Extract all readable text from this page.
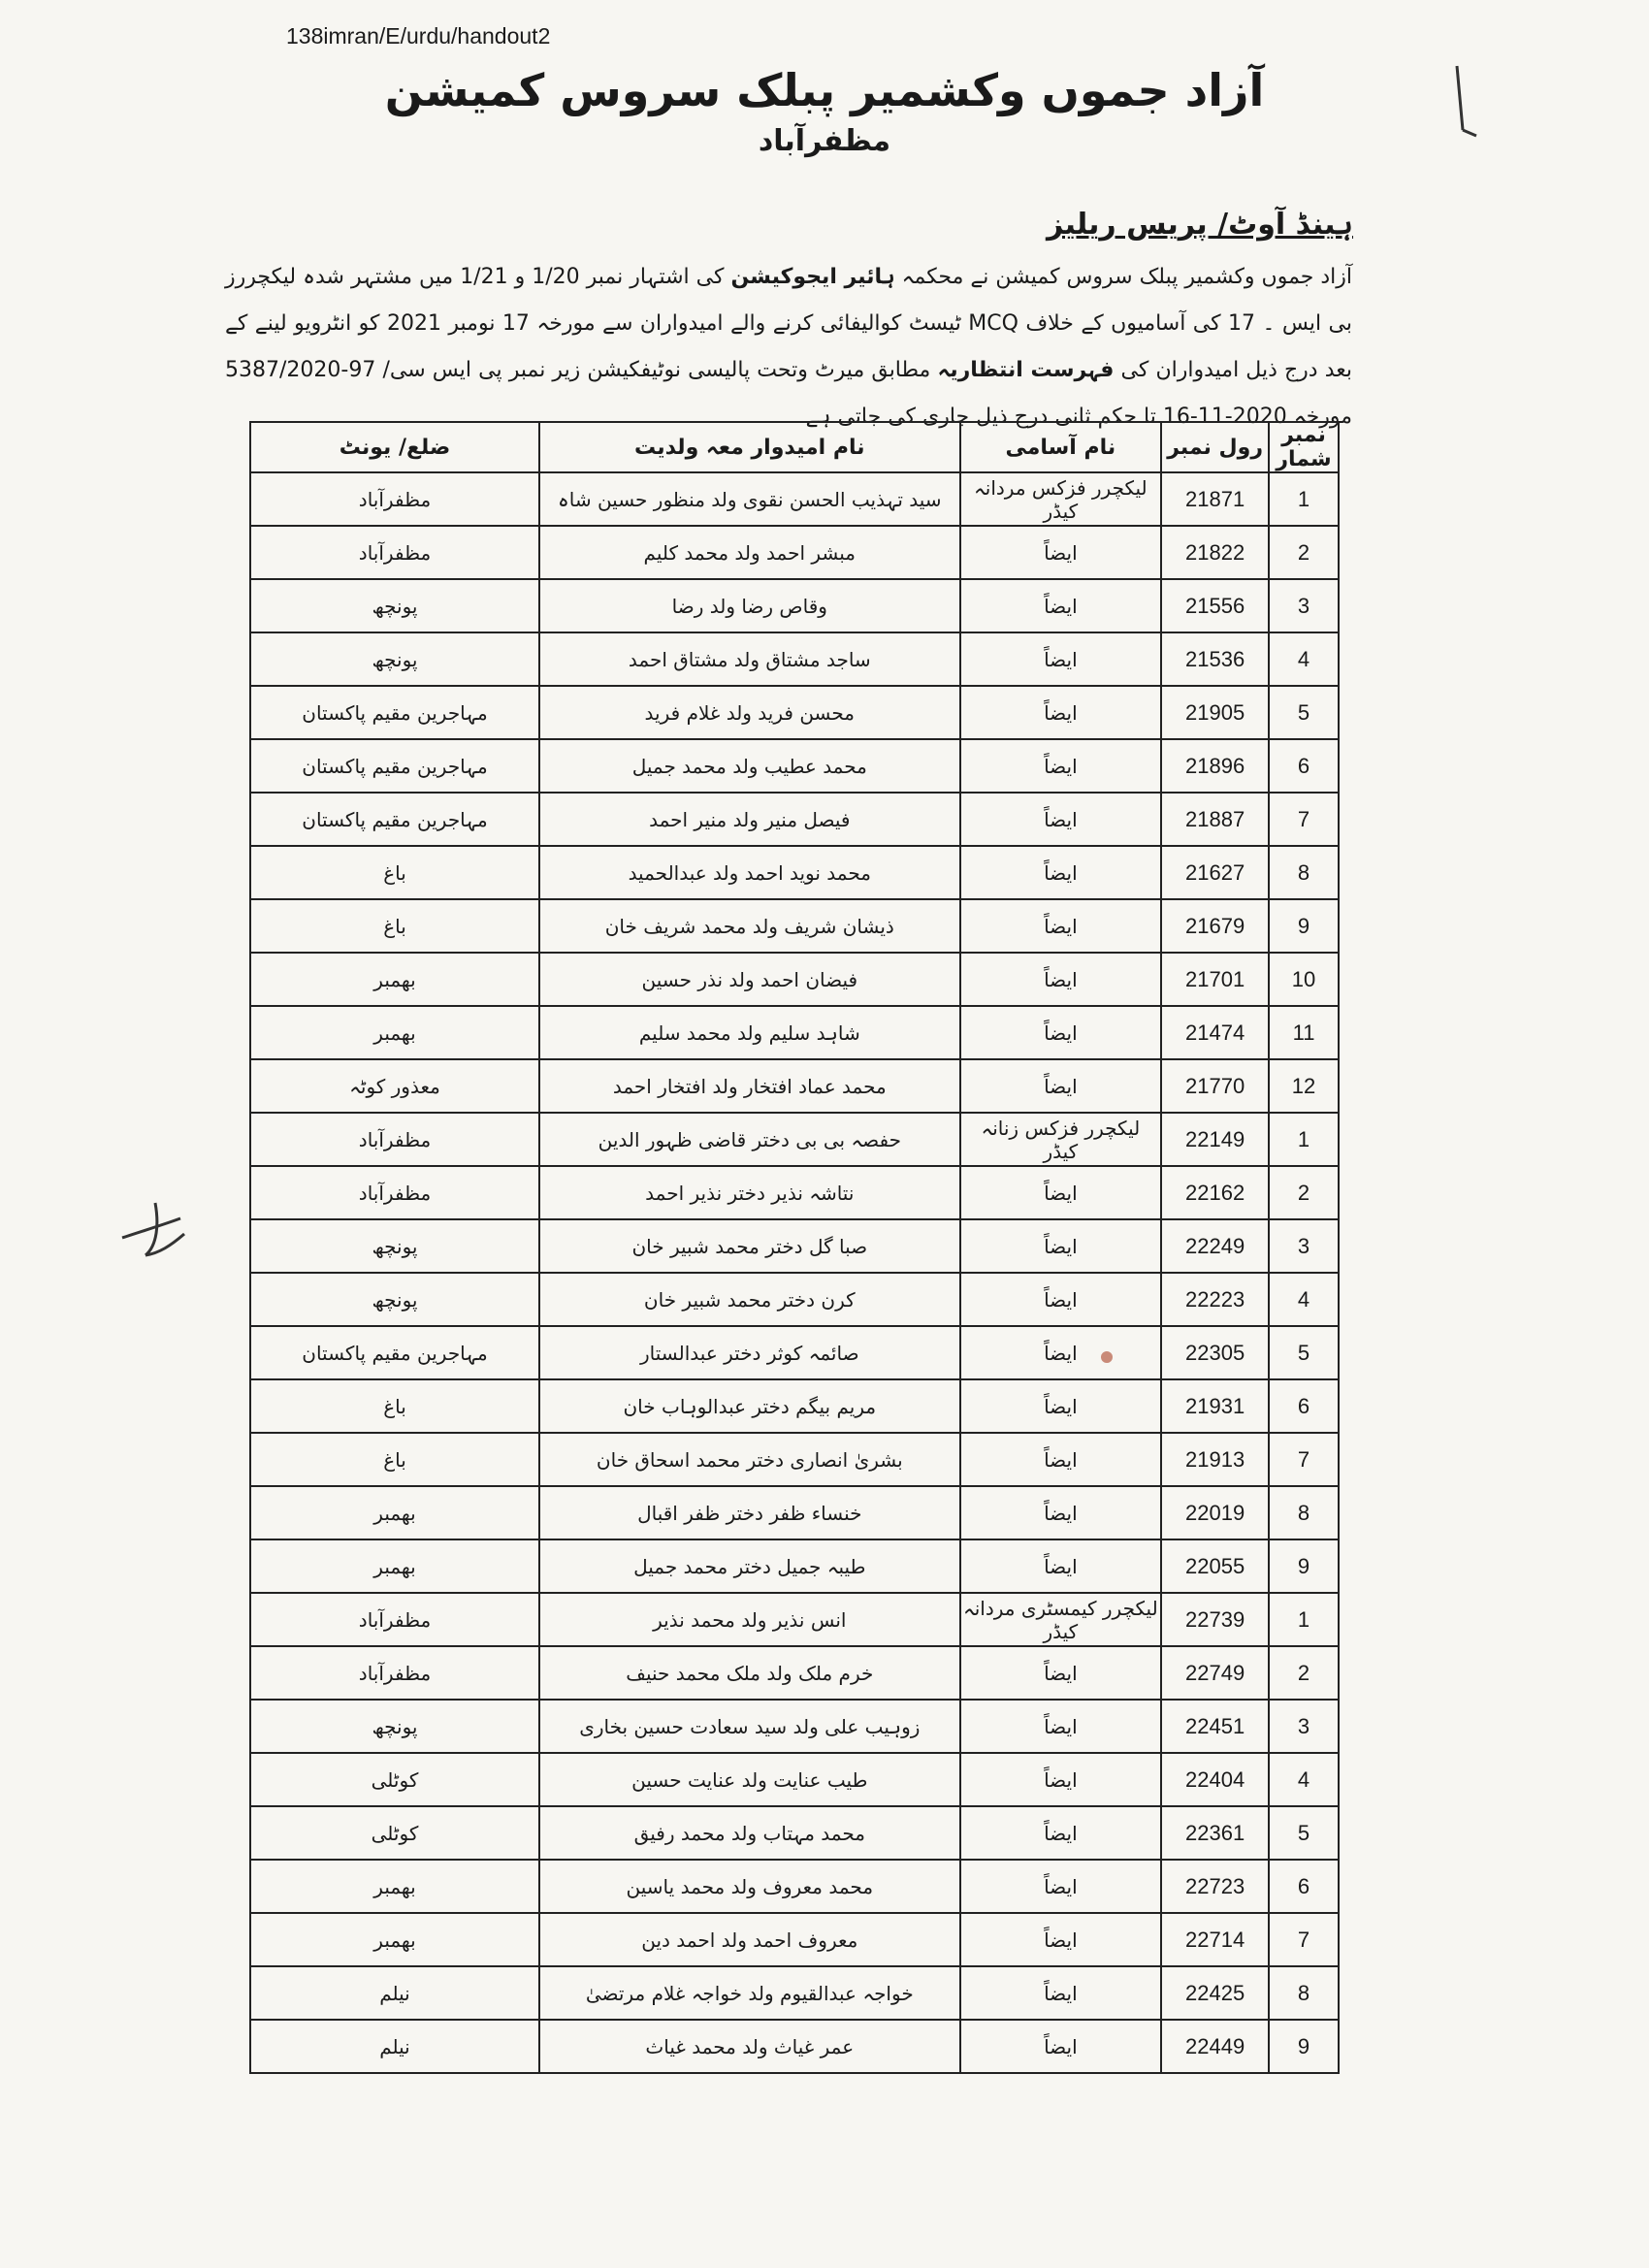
138imran/E/urdu/handout2
آزاد جموں وکشمیر پبلک سروس کمیشن
مظفرآباد
ہینڈ آوٹ/ پریس ریلیز
آزاد جموں وکشمیر پبلک سروس کمیشن نے محکمہ ہائیر ایجوکیشن کی اشتہار نمبر 1/20 و 1/21 میں مشتہر شدہ لیکچررز بی ایس ۔ 17 کی آسامیوں کے خلاف MCQ ٹیسٹ کوالیفائی کرنے والے امیدواران سے مورخہ 17 نومبر 2021 کو انٹرویو لینے کے بعد درج ذیل امیدواران کی فہرست انتظاریہ مطابق میرٹ وتحت پالیسی نوٹیفکیشن زیر نمبر پی ایس سی/ 97-5387/2020 مورخہ 2020-11-16 تا حکم ثانی درج ذیل جاری کی جاتی ہے۔
نمبر شمار	رول نمبر	نام آسامی	نام امیدوار معہ ولدیت	ضلع/ یونٹ
1	21871	لیکچرر فزکس مردانہ کیڈر	سید تہذیب الحسن نقوی ولد منظور حسین شاہ	مظفرآباد
2	21822	ایضاً	مبشر احمد ولد محمد کلیم	مظفرآباد
3	21556	ایضاً	وقاص رضا ولد رضا	پونچھ
4	21536	ایضاً	ساجد مشتاق ولد مشتاق احمد	پونچھ
5	21905	ایضاً	محسن فرید ولد غلام فرید	مہاجرین مقیم پاکستان
6	21896	ایضاً	محمد عطیب ولد محمد جمیل	مہاجرین مقیم پاکستان
7	21887	ایضاً	فیصل منیر ولد منیر احمد	مہاجرین مقیم پاکستان
8	21627	ایضاً	محمد نوید احمد ولد عبدالحمید	باغ
9	21679	ایضاً	ذیشان شریف ولد محمد شریف خان	باغ
10	21701	ایضاً	فیضان احمد ولد نذر حسین	بھمبر
11	21474	ایضاً	شاہد سلیم ولد محمد سلیم	بھمبر
12	21770	ایضاً	محمد عماد افتخار ولد افتخار احمد	معذور کوٹہ
1	22149	لیکچرر فزکس زنانہ کیڈر	حفصہ بی بی دختر قاضی ظہور الدین	مظفرآباد
2	22162	ایضاً	نتاشہ نذیر دختر نذیر احمد	مظفرآباد
3	22249	ایضاً	صبا گل دختر محمد شبیر خان	پونچھ
4	22223	ایضاً	کرن دختر محمد شبیر خان	پونچھ
5	22305	ایضاً	صائمہ کوثر دختر عبدالستار	مہاجرین مقیم پاکستان
6	21931	ایضاً	مریم بیگم دختر عبدالوہاب خان	باغ
7	21913	ایضاً	بشریٰ انصاری دختر محمد اسحاق خان	باغ
8	22019	ایضاً	خنساء ظفر دختر ظفر اقبال	بھمبر
9	22055	ایضاً	طیبہ جمیل دختر محمد جمیل	بھمبر
1	22739	لیکچرر کیمسٹری مردانہ کیڈر	انس نذیر ولد محمد نذیر	مظفرآباد
2	22749	ایضاً	خرم ملک ولد ملک محمد حنیف	مظفرآباد
3	22451	ایضاً	زوہیب علی ولد سید سعادت حسین بخاری	پونچھ
4	22404	ایضاً	طیب عنایت ولد عنایت حسین	کوٹلی
5	22361	ایضاً	محمد مہتاب ولد محمد رفیق	کوٹلی
6	22723	ایضاً	محمد معروف ولد محمد یاسین	بھمبر
7	22714	ایضاً	معروف احمد ولد احمد دین	بھمبر
8	22425	ایضاً	خواجہ عبدالقیوم ولد خواجہ غلام مرتضیٰ	نیلم
9	22449	ایضاً	عمر غیاث ولد محمد غیاث	نیلم
